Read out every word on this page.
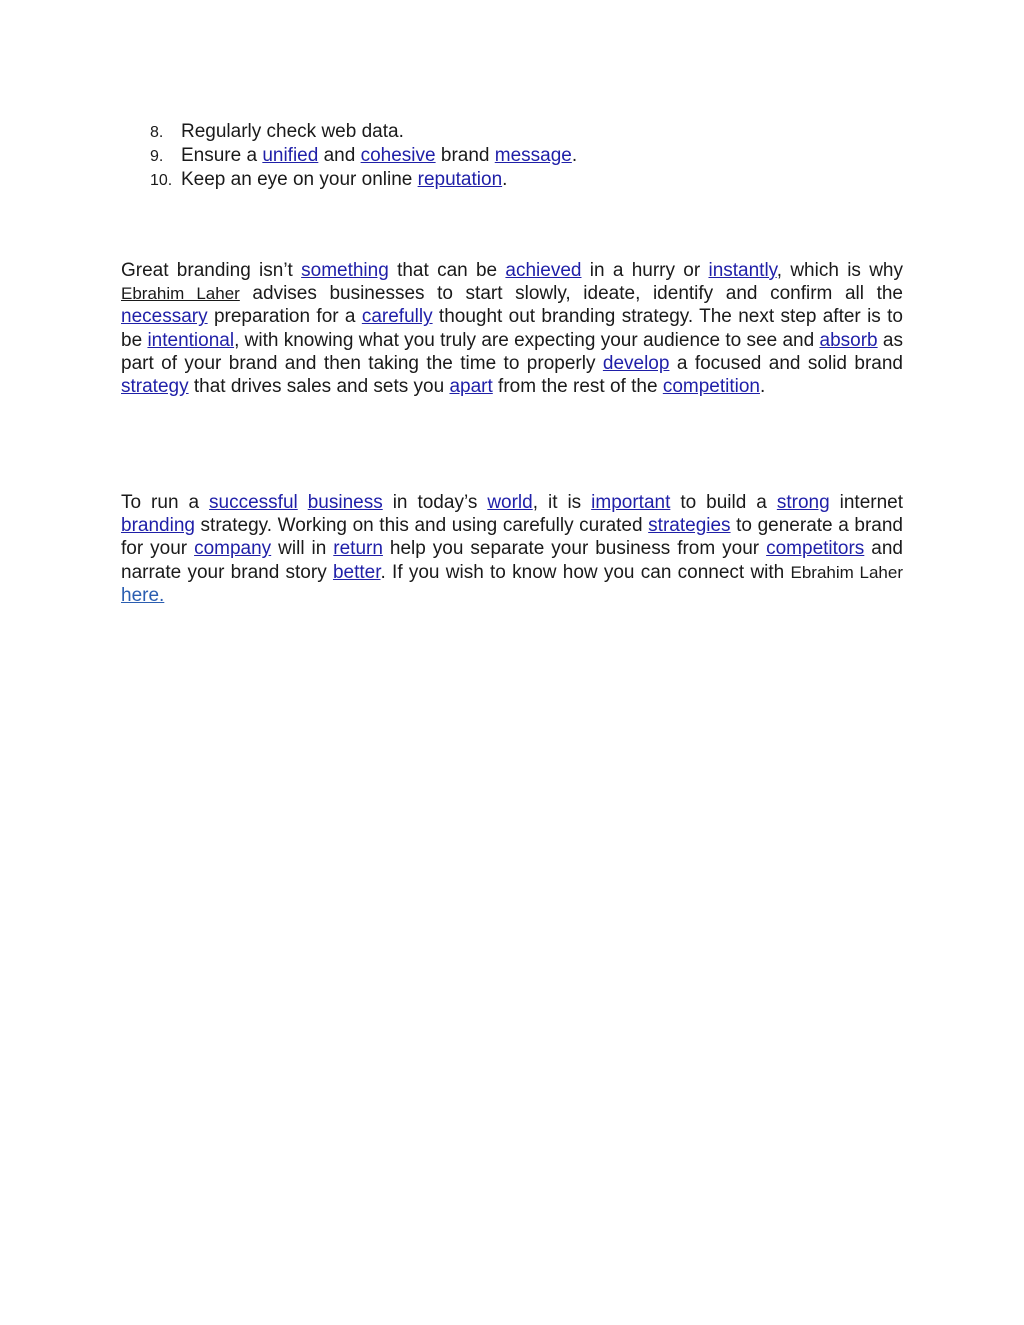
8. Regularly check web data.
9. Ensure a unified and cohesive brand message.
10. Keep an eye on your online reputation.

Great branding isn’t something that can be achieved in a hurry or instantly, which is why Ebrahim Laher advises businesses to start slowly, ideate, identify and confirm all the necessary preparation for a carefully thought out branding strategy. The next step after is to be intentional, with knowing what you truly are expecting your audience to see and absorb as part of your brand and then taking the time to properly develop a focused and solid brand strategy that drives sales and sets you apart from the rest of the competition.

To run a successful business in today’s world, it is important to build a strong internet branding strategy. Working on this and using carefully curated strategies to generate a brand for your company will in return help you separate your business from your competitors and narrate your brand story better. If you wish to know how you can connect with Ebrahim Laher here.
